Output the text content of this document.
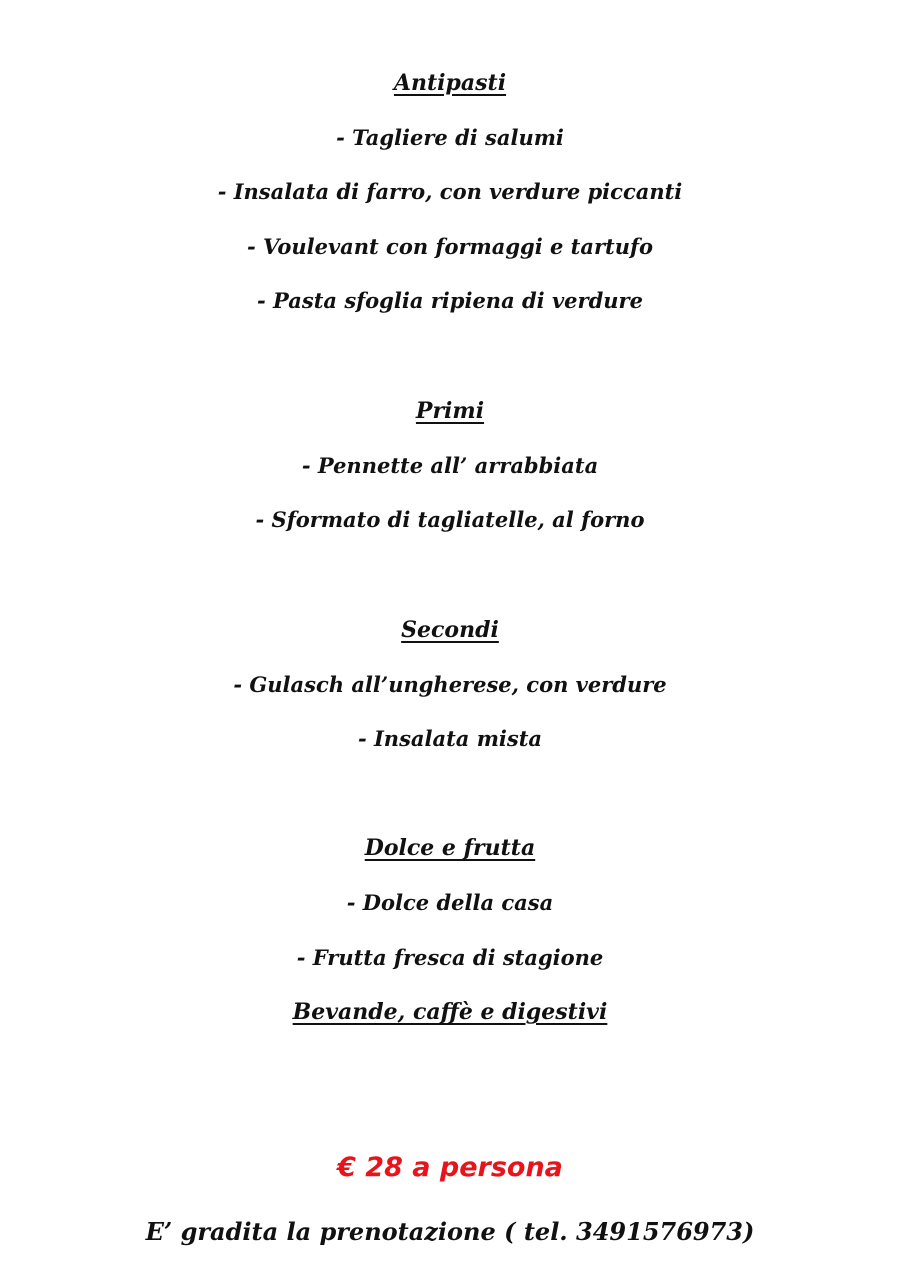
Antipasti
- Tagliere di salumi
- Insalata di farro, con verdure piccanti
- Voulevant con formaggi e tartufo
- Pasta sfoglia ripiena di verdure
Primi
- Pennette all’ arrabbiata
- Sformato di tagliatelle, al forno
Secondi
- Gulasch all’ungherese, con verdure
- Insalata mista
Dolce e frutta
- Dolce della casa
- Frutta fresca di stagione
Bevande, caffè e digestivi
€ 28 a persona
E’ gradita la prenotazione ( tel. 3491576973)
